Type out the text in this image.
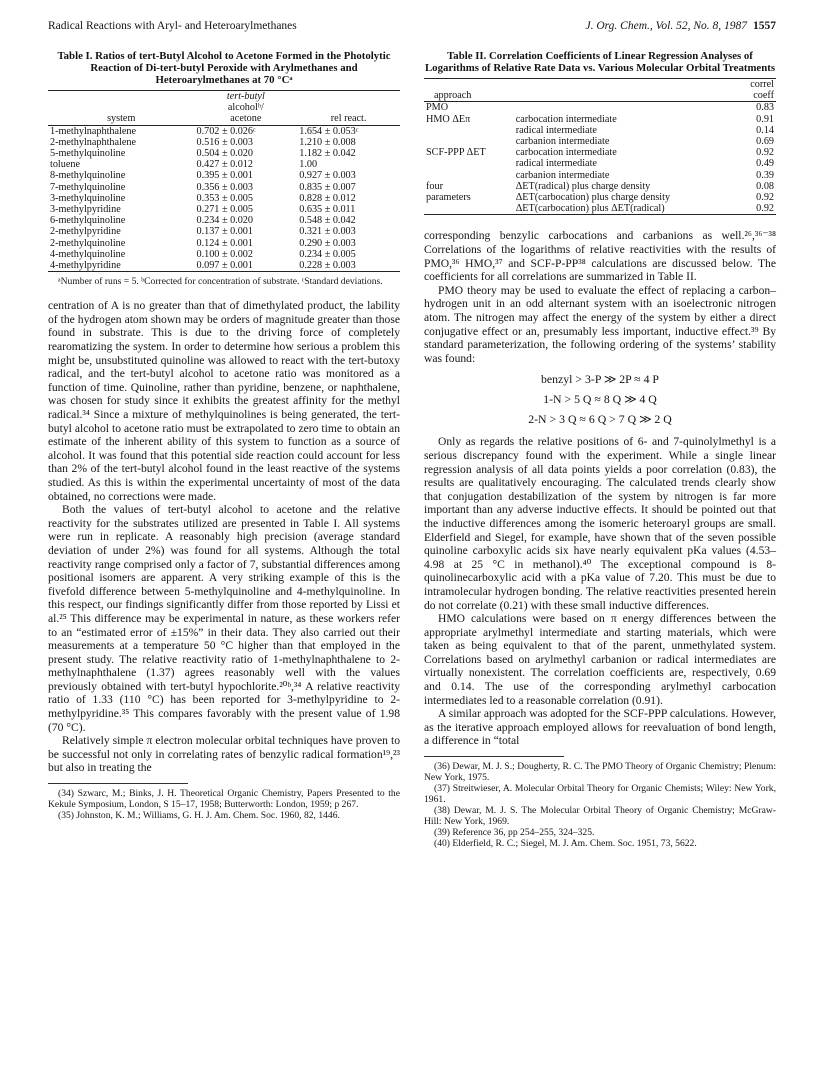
Radical Reactions with Aryl- and Heteroarylmethanes	J. Org. Chem., Vol. 52, No. 8, 1987 1557
Table I. Ratios of tert-Butyl Alcohol to Acetone Formed in the Photolytic Reaction of Di-tert-butyl Peroxide with Arylmethanes and Heteroarylmethanes at 70 °Cᵃ
	tert-butyl	
	alcoholᵇ/	
system	acetone	rel react.
1-methylnaphthalene	0.702 ± 0.026ᶜ	1.654 ± 0.053ᶜ
2-methylnaphthalene	0.516 ± 0.003	1.210 ± 0.008
5-methylquinoline	0.504 ± 0.020	1.182 ± 0.042
toluene	0.427 ± 0.012	1.00
8-methylquinoline	0.395 ± 0.001	0.927 ± 0.003
7-methylquinoline	0.356 ± 0.003	0.835 ± 0.007
3-methylquinoline	0.353 ± 0.005	0.828 ± 0.012
3-methylpyridine	0.271 ± 0.005	0.635 ± 0.011
6-methylquinoline	0.234 ± 0.020	0.548 ± 0.042
2-methylpyridine	0.137 ± 0.001	0.321 ± 0.003
2-methylquinoline	0.124 ± 0.001	0.290 ± 0.003
4-methylquinoline	0.100 ± 0.002	0.234 ± 0.005
4-methylpyridine	0.097 ± 0.001	0.228 ± 0.003
ᵃNumber of runs = 5. ᵇCorrected for concentration of substrate. ᶜStandard deviations.

centration of A is no greater than that of dimethylated product, the lability of the hydrogen atom shown may be orders of magnitude greater than those found in substrate. This is due to the driving force of completely rearomatizing the system. In order to determine how serious a problem this might be, unsubstituted quinoline was allowed to react with the tert-butoxy radical, and the tert-butyl alcohol to acetone ratio was monitored as a function of time. Quinoline, rather than pyridine, benzene, or naphthalene, was chosen for study since it exhibits the greatest affinity for the methyl radical.³⁴ Since a mixture of methylquinolines is being generated, the tert-butyl alcohol to acetone ratio must be extrapolated to zero time to obtain an estimate of the inherent ability of this system to function as a source of alcohol. It was found that this potential side reaction could account for less than 2% of the tert-butyl alcohol found in the least reactive of the systems studied. As this is within the experimental uncertainty of most of the data obtained, no corrections were made.

Both the values of tert-butyl alcohol to acetone and the relative reactivity for the substrates utilized are presented in Table I. All systems were run in replicate. A reasonably high precision (average standard deviation of under 2%) was found for all systems. Although the total reactivity range comprised only a factor of 7, substantial differences among positional isomers are apparent. A very striking example of this is the fivefold difference between 5-methylquinoline and 4-methylquinoline. In this respect, our findings significantly differ from those reported by Lissi et al.²⁵ This difference may be experimental in nature, as these workers refer to an “estimated error of ±15%” in their data. They also carried out their measurements at a temperature 50 °C higher than that employed in the present study. The relative reactivity ratio of 1-methylnaphthalene to 2-methylnaphthalene (1.37) agrees reasonably well with the values previously obtained with tert-butyl hypochlorite.²⁰ᵇ,³⁴ A relative reactivity ratio of 1.33 (110 °C) has been reported for 3-methylpyridine to 2-methylpyridine.³⁵ This compares favorably with the present value of 1.98 (70 °C).

Relatively simple π electron molecular orbital techniques have proven to be successful not only in correlating rates of benzylic radical formation¹⁹,²³ but also in treating the

(34) Szwarc, M.; Binks, J. H. Theoretical Organic Chemistry, Papers Presented to the Kekule Symposium, London, S 15–17, 1958; Butterworth: London, 1959; p 267.
(35) Johnston, K. M.; Williams, G. H. J. Am. Chem. Soc. 1960, 82, 1446.
Table II. Correlation Coefficients of Linear Regression Analyses of Logarithms of Relative Rate Data vs. Various Molecular Orbital Treatments
		correl
approach		coeff
PMO		0.83
HMO ΔEπ	carbocation intermediate	0.91
	radical intermediate	0.14
	carbanion intermediate	0.69
SCF-PPP ΔET	carbocation intermediate	0.92
	radical intermediate	0.49
	carbanion intermediate	0.39
four	ΔET(radical) plus charge density	0.08
parameters	ΔET(carbocation) plus charge density	0.92
	ΔET(carbocation) plus ΔET(radical)	0.92

corresponding benzylic carbocations and carbanions as well.²⁶,³⁶⁻³⁸ Correlations of the logarithms of relative reactivities with the results of PMO,³⁶ HMO,³⁷ and SCF-P-PP³⁸ calculations are discussed below. The coefficients for all correlations are summarized in Table II.

PMO theory may be used to evaluate the effect of replacing a carbon–hydrogen unit in an odd alternant system with an isoelectronic nitrogen atom. The nitrogen may affect the energy of the system by either a direct conjugative effect or an, presumably less important, inductive effect.³⁹ By standard parameterization, the following ordering of the systems’ stability was found:

benzyl > 3-P ≫ 2P ≈ 4 P
1-N > 5 Q ≈ 8 Q ≫ 4 Q
2-N > 3 Q ≈ 6 Q > 7 Q ≫ 2 Q

Only as regards the relative positions of 6- and 7-quinolylmethyl is a serious discrepancy found with the experiment. While a single linear regression analysis of all data points yields a poor correlation (0.83), the results are qualitatively encouraging. The calculated trends clearly show that conjugation destabilization of the system by nitrogen is far more important than any adverse inductive effects. It should be pointed out that the inductive differences among the isomeric heteroaryl groups are small. Elderfield and Siegel, for example, have shown that of the seven possible quinoline carboxylic acids six have nearly equivalent pKa values (4.53–4.98 at 25 °C in methanol).⁴⁰ The exceptional compound is 8-quinolinecarboxylic acid with a pKa value of 7.20. This must be due to intramolecular hydrogen bonding. The relative reactivities presented herein do not correlate (0.21) with these small inductive differences.

HMO calculations were based on π energy differences between the appropriate arylmethyl intermediate and starting materials, which were taken as being equivalent to that of the parent, unmethylated system. Correlations based on arylmethyl carbanion or radical intermediates are virtually nonexistent. The correlation coefficients are, respectively, 0.69 and 0.14. The use of the corresponding arylmethyl carbocation intermediates led to a reasonable correlation (0.91).

A similar approach was adopted for the SCF-PPP calculations. However, as the iterative approach employed allows for reevaluation of bond length, a difference in “total

(36) Dewar, M. J. S.; Dougherty, R. C. The PMO Theory of Organic Chemistry; Plenum: New York, 1975.
(37) Streitwieser, A. Molecular Orbital Theory for Organic Chemists; Wiley: New York, 1961.
(38) Dewar, M. J. S. The Molecular Orbital Theory of Organic Chemistry; McGraw-Hill: New York, 1969.
(39) Reference 36, pp 254–255, 324–325.
(40) Elderfield, R. C.; Siegel, M. J. Am. Chem. Soc. 1951, 73, 5622.
